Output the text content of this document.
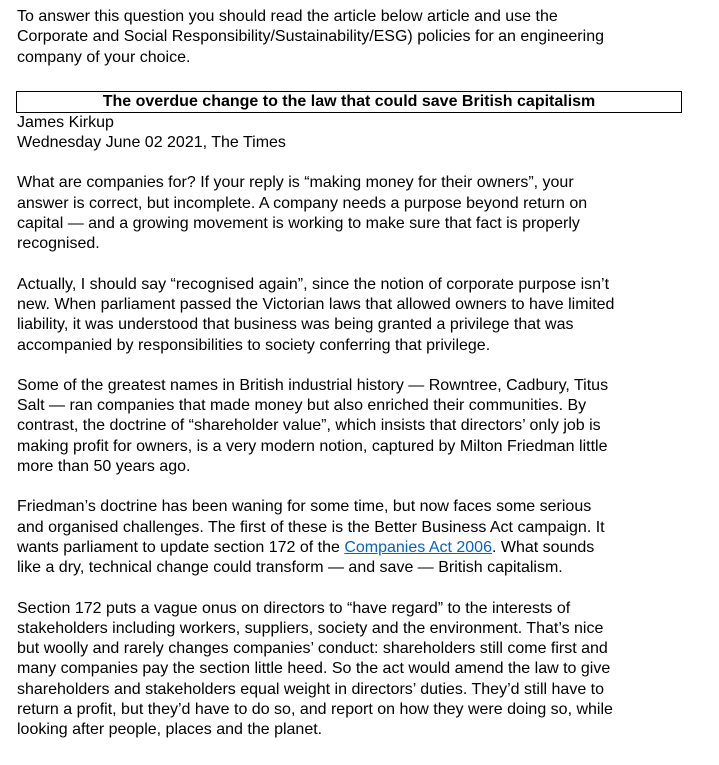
To answer this question you should read the article below article and use the
Corporate and Social Responsibility/Sustainability/ESG) policies for an engineering
company of your choice.

The overdue change to the law that could save British capitalism

James Kirkup

Wednesday June 02 2021, The Times

What are companies for? If your reply is “making money for their owners”, your
answer is correct, but incomplete. A company needs a purpose beyond return on
capital — and a growing movement is working to make sure that fact is properly
recognised.

Actually, I should say “recognised again”, since the notion of corporate purpose isn’t
new. When parliament passed the Victorian laws that allowed owners to have limited
liability, it was understood that business was being granted a privilege that was
accompanied by responsibilities to society conferring that privilege.

Some of the greatest names in British industrial history — Rowntree, Cadbury, Titus
Salt — ran companies that made money but also enriched their communities. By
contrast, the doctrine of “shareholder value”, which insists that directors’ only job is
making profit for owners, is a very modern notion, captured by Milton Friedman little
more than 50 years ago.

Friedman’s doctrine has been waning for some time, but now faces some serious
and organised challenges. The first of these is the Better Business Act campaign. It
wants parliament to update section 172 of the Companies Act 2006. What sounds
like a dry, technical change could transform — and save — British capitalism.

Section 172 puts a vague onus on directors to “have regard” to the interests of
stakeholders including workers, suppliers, society and the environment. That’s nice
but woolly and rarely changes companies’ conduct: shareholders still come first and
many companies pay the section little heed. So the act would amend the law to give
shareholders and stakeholders equal weight in directors’ duties. They’d still have to
return a profit, but they’d have to do so, and report on how they were doing so, while
looking after people, places and the planet.
